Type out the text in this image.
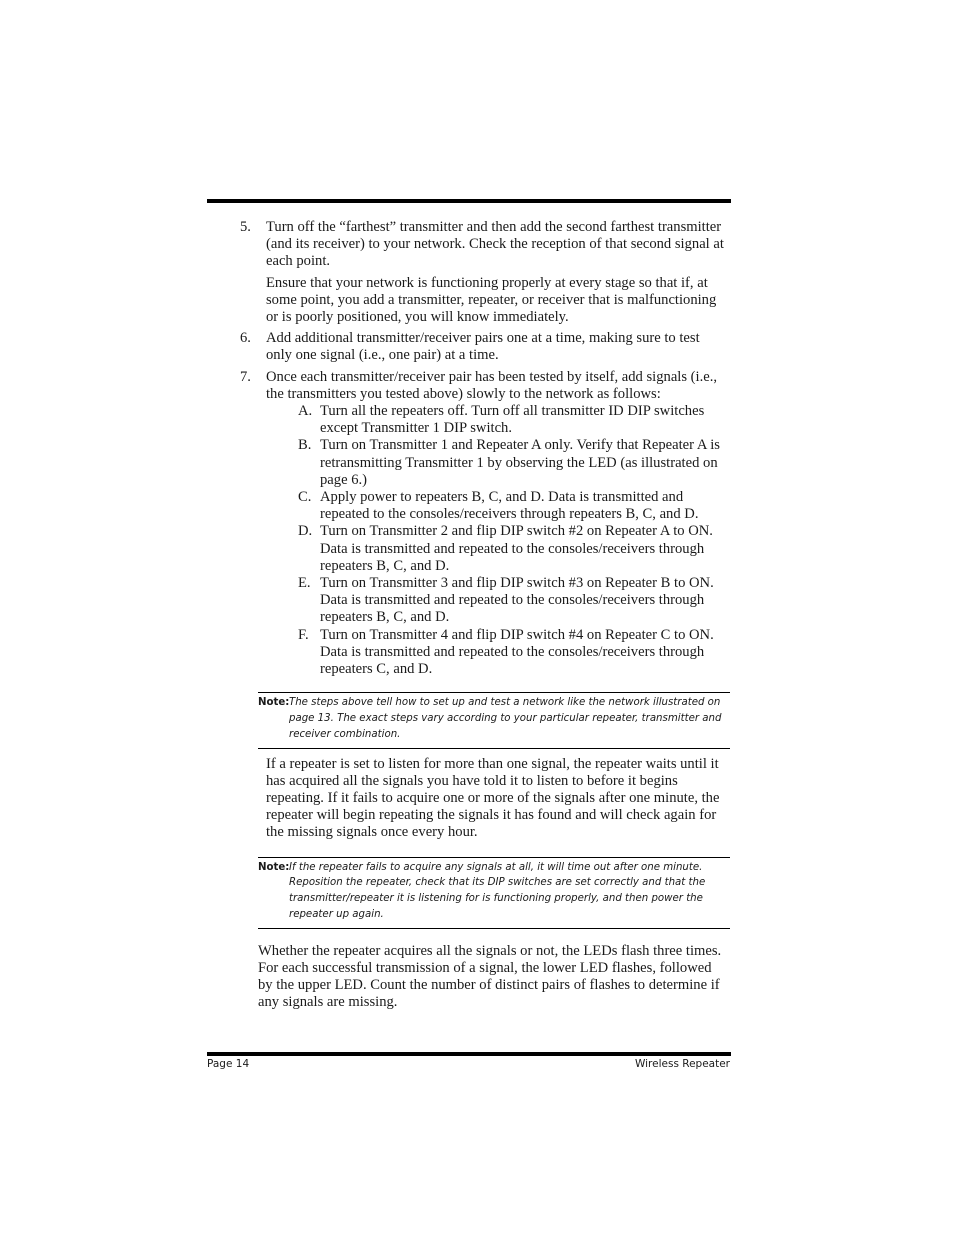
5. Turn off the “farthest” transmitter and then add the second farthest transmitter (and its receiver) to your network. Check the reception of that second signal at each point.

Ensure that your network is functioning properly at every stage so that if, at some point, you add a transmitter, repeater, or receiver that is malfunctioning or is poorly positioned, you will know immediately.

6. Add additional transmitter/receiver pairs one at a time, making sure to test only one signal (i.e., one pair) at a time.

7. Once each transmitter/receiver pair has been tested by itself, add signals (i.e., the transmitters you tested above) slowly to the network as follows:

A. Turn all the repeaters off. Turn off all transmitter ID DIP switches except Transmitter 1 DIP switch.
B. Turn on Transmitter 1 and Repeater A only. Verify that Repeater A is retransmitting Transmitter 1 by observing the LED (as illustrated on page 6.)
C. Apply power to repeaters B, C, and D. Data is transmitted and repeated to the consoles/receivers through repeaters B, C, and D.
D. Turn on Transmitter 2 and flip DIP switch #2 on Repeater A to ON. Data is transmitted and repeated to the consoles/receivers through repeaters B, C, and D.
E. Turn on Transmitter 3 and flip DIP switch #3 on Repeater B to ON. Data is transmitted and repeated to the consoles/receivers through repeaters B, C, and D.
F. Turn on Transmitter 4 and flip DIP switch #4 on Repeater C to ON. Data is transmitted and repeated to the consoles/receivers through repeaters C, and D.
Note: The steps above tell how to set up and test a network like the network illustrated on page 13. The exact steps vary according to your particular repeater, transmitter and receiver combination.

If a repeater is set to listen for more than one signal, the repeater waits until it has acquired all the signals you have told it to listen to before it begins repeating. If it fails to acquire one or more of the signals after one minute, the repeater will begin repeating the signals it has found and will check again for the missing signals once every hour.

Note: If the repeater fails to acquire any signals at all, it will time out after one minute. Reposition the repeater, check that its DIP switches are set correctly and that the transmitter/repeater it is listening for is functioning properly, and then power the repeater up again.

Whether the repeater acquires all the signals or not, the LEDs flash three times. For each successful transmission of a signal, the lower LED flashes, followed by the upper LED. Count the number of distinct pairs of flashes to determine if any signals are missing.

Page 14	Wireless Repeater
